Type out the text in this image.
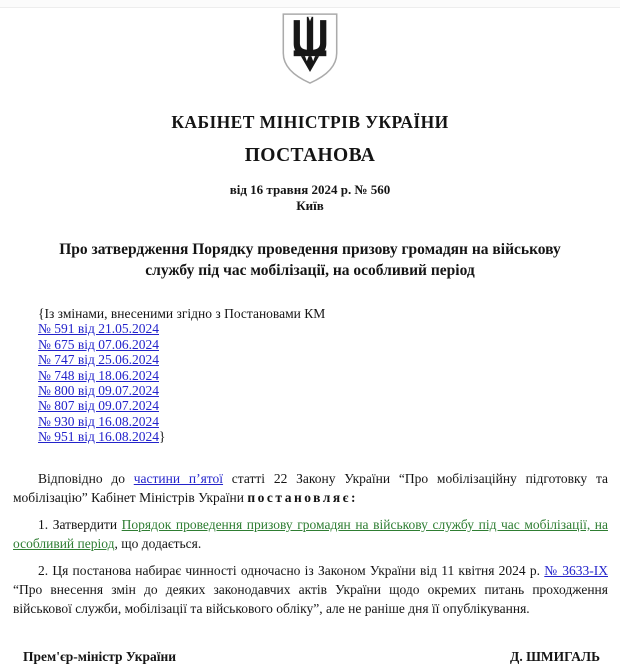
КАБІНЕТ МІНІСТРІВ УКРАЇНИ
ПОСТАНОВА
від 16 травня 2024 р. № 560
Київ
Про затвердження Порядку проведення призову громадян на військову службу під час мобілізації, на особливий період
{Із змінами, внесеними згідно з Постановами КМ
№ 591 від 21.05.2024
№ 675 від 07.06.2024
№ 747 від 25.06.2024
№ 748 від 18.06.2024
№ 800 від 09.07.2024
№ 807 від 09.07.2024
№ 930 від 16.08.2024
№ 951 від 16.08.2024}

Відповідно до частини п’ятої статті 22 Закону України “Про мобілізаційну підготовку та мобілізацію” Кабінет Міністрів України постановляє:

1. Затвердити Порядок проведення призову громадян на військову службу під час мобілізації, на особливий період, що додається.

2. Ця постанова набирає чинності одночасно із Законом України від 11 квітня 2024 р. № 3633-IX “Про внесення змін до деяких законодавчих актів України щодо окремих питань проходження військової служби, мобілізації та військового обліку”, але не раніше дня її опублікування.

Прем'єр-міністр України	Д. ШМИГАЛЬ
